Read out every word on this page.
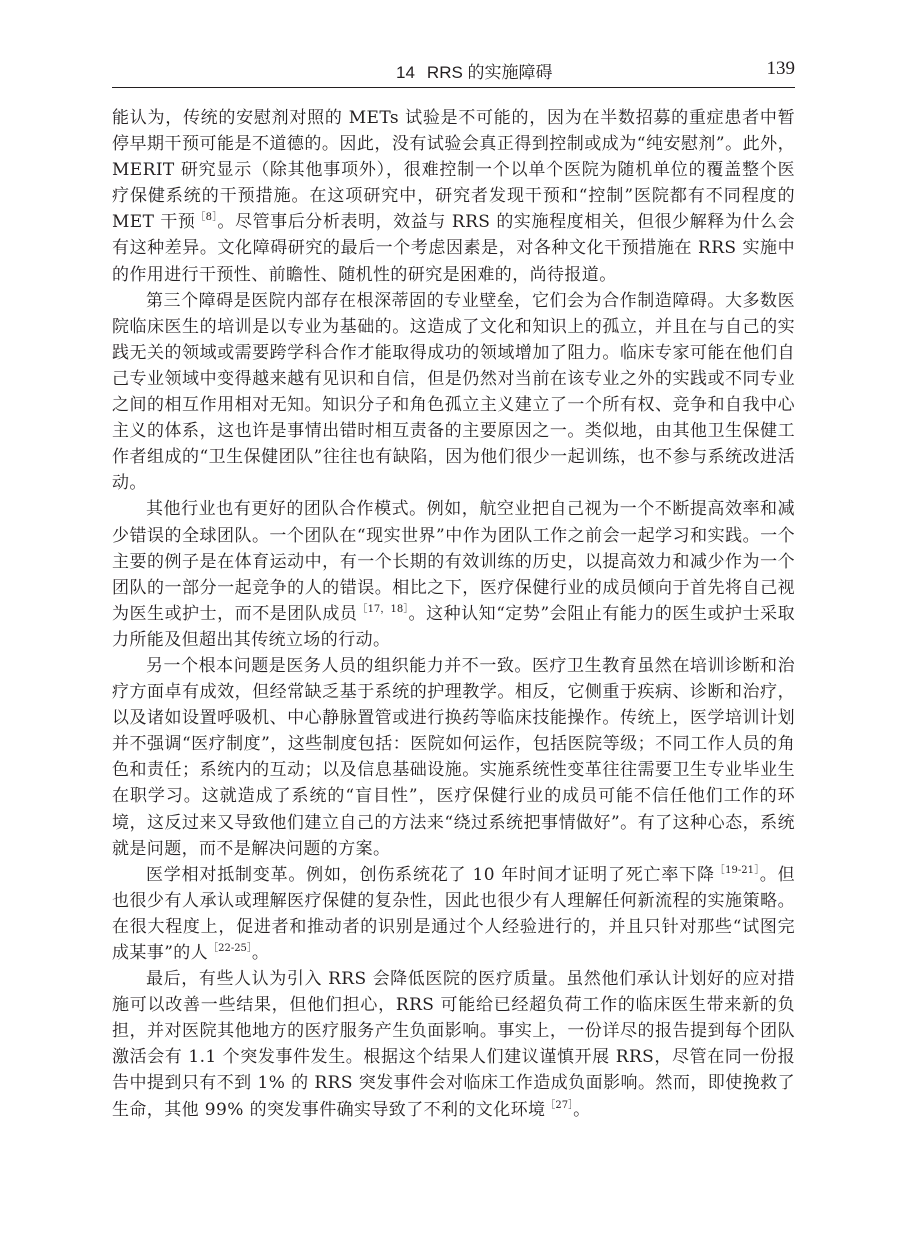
14 RRS 的实施障碍	139

能认为，传统的安慰剂对照的 METs 试验是不可能的，因为在半数招募的重症患者中暂停早期干预可能是不道德的。因此，没有试验会真正得到控制或成为“纯安慰剂”。此外，MERIT 研究显示（除其他事项外），很难控制一个以单个医院为随机单位的覆盖整个医疗保健系统的干预措施。在这项研究中，研究者发现干预和“控制”医院都有不同程度的 MET 干预$^{[8]}$。尽管事后分析表明，效益与 RRS 的实施程度相关，但很少解释为什么会有这种差异。文化障碍研究的最后一个考虑因素是，对各种文化干预措施在 RRS 实施中的作用进行干预性、前瞻性、随机性的研究是困难的，尚待报道。

第三个障碍是医院内部存在根深蒂固的专业壁垒，它们会为合作制造障碍。大多数医院临床医生的培训是以专业为基础的。这造成了文化和知识上的孤立，并且在与自己的实践无关的领域或需要跨学科合作才能取得成功的领域增加了阻力。临床专家可能在他们自己专业领域中变得越来越有见识和自信，但是仍然对当前在该专业之外的实践或不同专业之间的相互作用相对无知。知识分子和角色孤立主义建立了一个所有权、竞争和自我中心主义的体系，这也许是事情出错时相互责备的主要原因之一。类似地，由其他卫生保健工作者组成的“卫生保健团队”往往也有缺陷，因为他们很少一起训练，也不参与系统改进活动。

其他行业也有更好的团队合作模式。例如，航空业把自己视为一个不断提高效率和减少错误的全球团队。一个团队在“现实世界”中作为团队工作之前会一起学习和实践。一个主要的例子是在体育运动中，有一个长期的有效训练的历史，以提高效力和减少作为一个团队的一部分一起竞争的人的错误。相比之下，医疗保健行业的成员倾向于首先将自己视为医生或护士，而不是团队成员$^{[17,18]}$。这种认知“定势”会阻止有能力的医生或护士采取力所能及但超出其传统立场的行动。

另一个根本问题是医务人员的组织能力并不一致。医疗卫生教育虽然在培训诊断和治疗方面卓有成效，但经常缺乏基于系统的护理教学。相反，它侧重于疾病、诊断和治疗，以及诸如设置呼吸机、中心静脉置管或进行换药等临床技能操作。传统上，医学培训计划并不强调“医疗制度”，这些制度包括：医院如何运作，包括医院等级；不同工作人员的角色和责任；系统内的互动；以及信息基础设施。实施系统性变革往往需要卫生专业毕业生在职学习。这就造成了系统的“盲目性”，医疗保健行业的成员可能不信任他们工作的环境，这反过来又导致他们建立自己的方法来“绕过系统把事情做好”。有了这种心态，系统就是问题，而不是解决问题的方案。

医学相对抵制变革。例如，创伤系统花了 10 年时间才证明了死亡率下降$^{[19-21]}$。但也很少有人承认或理解医疗保健的复杂性，因此也很少有人理解任何新流程的实施策略。在很大程度上，促进者和推动者的识别是通过个人经验进行的，并且只针对那些“试图完成某事”的人$^{[22-25]}$。

最后，有些人认为引入 RRS 会降低医院的医疗质量。虽然他们承认计划好的应对措施可以改善一些结果，但他们担心，RRS 可能给已经超负荷工作的临床医生带来新的负担，并对医院其他地方的医疗服务产生负面影响。事实上，一份详尽的报告提到每个团队激活会有 1.1 个突发事件发生。根据这个结果人们建议谨慎开展 RRS，尽管在同一份报告中提到只有不到 1% 的 RRS 突发事件会对临床工作造成负面影响。然而，即使挽救了生命，其他 99% 的突发事件确实导致了不利的文化环境$^{[27]}$。
